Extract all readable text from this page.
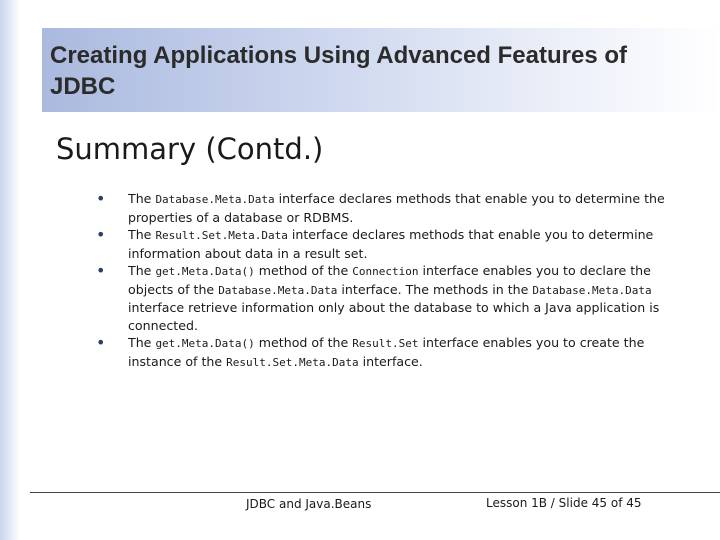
Creating Applications Using Advanced Features of JDBC
Summary (Contd.)
• The Database.Meta.Data interface declares methods that enable you to determine the properties of a database or RDBMS.
• The Result.Set.Meta.Data interface declares methods that enable you to determine information about data in a result set.
• The get.Meta.Data() method of the Connection interface enables you to declare the objects of the Database.Meta.Data interface. The methods in the Database.Meta.Data interface retrieve information only about the database to which a Java application is connected.
• The get.Meta.Data() method of the Result.Set interface enables you to create the instance of the Result.Set.Meta.Data interface.
JDBC and Java.Beans	Lesson 1B / Slide 45 of 45
